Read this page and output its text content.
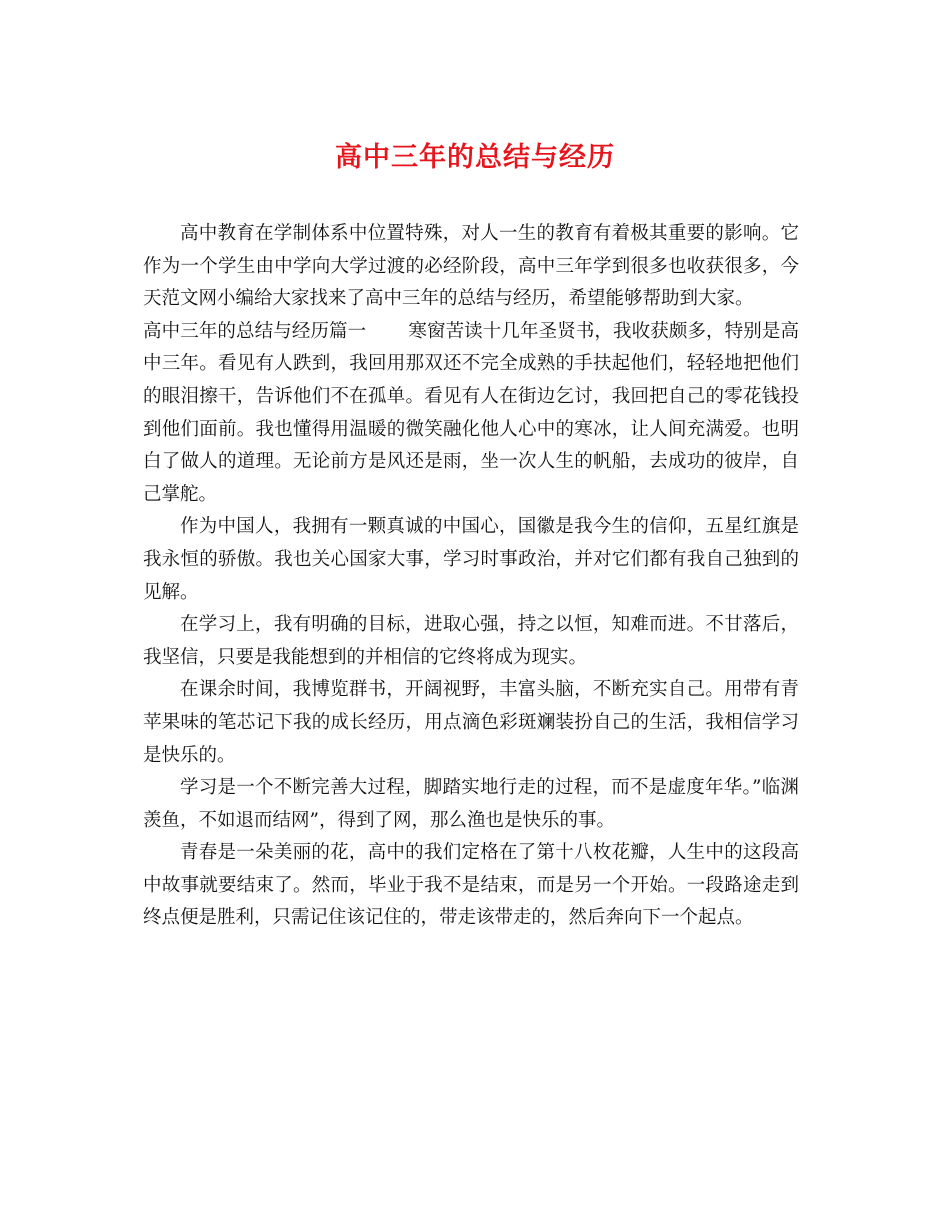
高中三年的总结与经历

高中教育在学制体系中位置特殊，对人一生的教育有着极其重要的影响。它作为一个学生由中学向大学过渡的必经阶段，高中三年学到很多也收获很多，今天范文网小编给大家找来了高中三年的总结与经历，希望能够帮助到大家。

高中三年的总结与经历篇一 寒窗苦读十几年圣贤书，我收获颇多，特别是高中三年。看见有人跌到，我回用那双还不完全成熟的手扶起他们，轻轻地把他们的眼泪擦干，告诉他们不在孤单。看见有人在街边乞讨，我回把自己的零花钱投到他们面前。我也懂得用温暖的微笑融化他人心中的寒冰，让人间充满爱。也明白了做人的道理。无论前方是风还是雨，坐一次人生的帆船，去成功的彼岸，自己掌舵。

作为中国人，我拥有一颗真诚的中国心，国徽是我今生的信仰，五星红旗是我永恒的骄傲。我也关心国家大事，学习时事政治，并对它们都有我自己独到的见解。

在学习上，我有明确的目标，进取心强，持之以恒，知难而进。不甘落后，我坚信，只要是我能想到的并相信的它终将成为现实。

在课余时间，我博览群书，开阔视野，丰富头脑，不断充实自己。用带有青苹果味的笔芯记下我的成长经历，用点滴色彩斑斓装扮自己的生活，我相信学习是快乐的。

学习是一个不断完善大过程，脚踏实地行走的过程，而不是虚度年华。”临渊羡鱼，不如退而结网”，得到了网，那么渔也是快乐的事。

青春是一朵美丽的花，高中的我们定格在了第十八枚花瓣，人生中的这段高中故事就要结束了。然而，毕业于我不是结束，而是另一个开始。一段路途走到终点便是胜利，只需记住该记住的，带走该带走的，然后奔向下一个起点。
